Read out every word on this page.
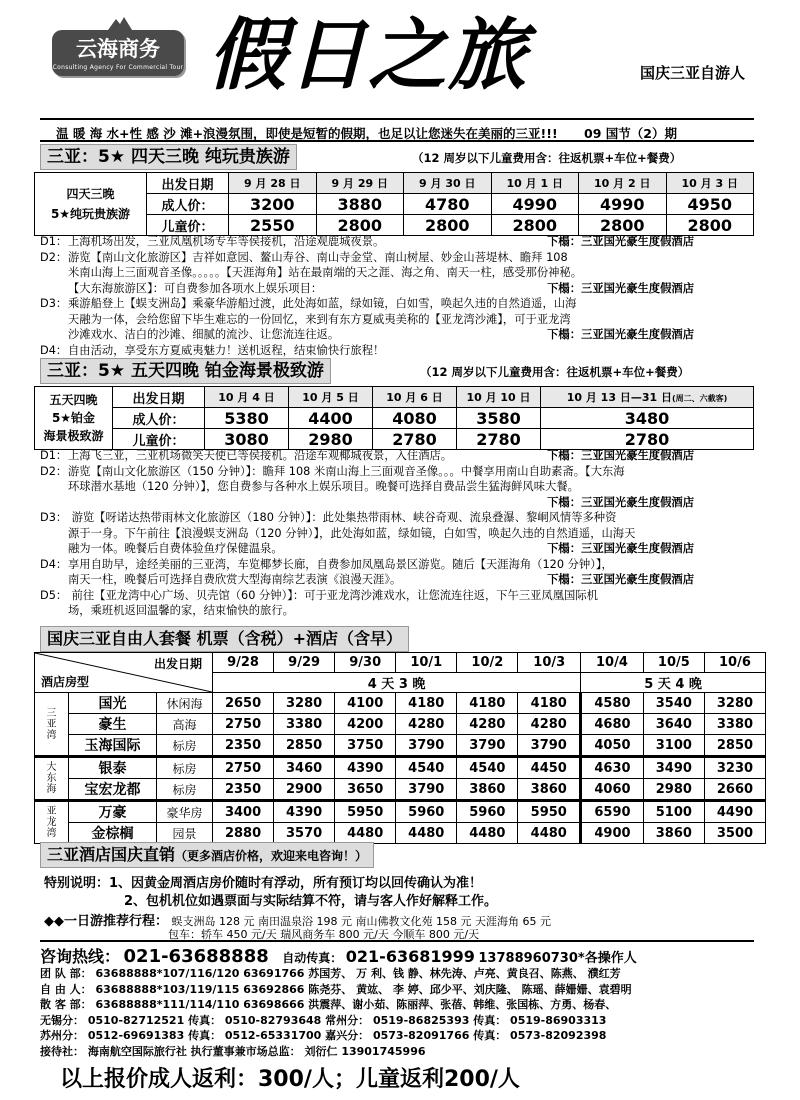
云海商务
Consulting Agency For Commercial Tour 假日之旅	国庆三亚自游人
温 暖 海 水+性 感 沙 滩+浪漫氛围，即使是短暂的假期，也足以让您迷失在美丽的三亚!!! 09 国节（2）期
三亚：5★ 四天三晚 纯玩贵族游	（12 周岁以下儿童费用含：往返机票+车位+餐费）
四天三晚
5★纯玩贵族游	出发日期	9 月 28 日	9 月 29 日	9 月 30 日	10 月 1 日	10 月 2 日	10 月 3 日
	成人价：	3200	3880	4780	4990	4990	4950
	儿童价：	2550	2800	2800	2800	2800	2800

D1：上海机场出发，三亚凤凰机场专车等侯接机，沿途观鹿城夜景。	下榻：三亚国光豪生度假酒店

D2：游览【南山文化旅游区】吉祥如意园、鳌山寿谷、南山寺金堂、南山树屋、妙金山菩堤林、瞻拜 108

米南山海上三面观音圣像。。。。。【天涯海角】站在最南端的天之涯、海之角、南天一柱，感受那份神秘。

【大东海旅游区】：可自费参加各项水上娱乐项目：	下榻：三亚国光豪生度假酒店

D3：乘游船登上【蜈支洲岛】乘豪华游船过渡，此处海如蓝，绿如镜，白如雪，唤起久违的自然逍遥，山海

天融为一体，会给您留下毕生难忘的一份回忆，来到有东方夏威夷美称的【亚龙湾沙滩】，可于亚龙湾

沙滩戏水、洁白的沙滩、细腻的流沙、让您流连往返。	下榻：三亚国光豪生度假酒店

D4：自由活动，享受东方夏威夷魅力！送机返程，结束愉快行旅程！

三亚：5★ 五天四晚 铂金海景极致游	（12 周岁以下儿童费用含：往返机票+车位+餐费）
五天四晚
5★铂金
海景极致游	出发日期	10 月 4 日	10 月 5 日	10 月 6 日	10 月 10 日	10 月 13 日—31 日(周二、六截客)
	成人价：	5380	4400	4080	3580	3480
	儿童价：	3080	2980	2780	2780	2780

D1：上海飞三亚，三亚机场微笑天使已等侯接机。沿途车观椰城夜景，入住酒店。	下榻：三亚国光豪生度假酒店

D2：游览【南山文化旅游区（150 分钟）】：瞻拜 108 米南山海上三面观音圣像。。。中餐享用南山自助素斋。【大东海

环球潜水基地（120 分钟）】，您自费参与各种水上娱乐项目。晚餐可选择自费品尝生猛海鲜风味大餐。

下榻：三亚国光豪生度假酒店

D3： 游览【呀诺达热带雨林文化旅游区（180 分钟）】：此处集热带雨林、峡谷奇观、流泉叠瀑、黎峒风情等多种资

源于一身。下午前往【浪漫蜈支洲岛（120 分钟）】，此处海如蓝，绿如镜，白如雪，唤起久违的自然逍遥，山海天

融为一体。晚餐后自费体验鱼疗保健温泉。	下榻：三亚国光豪生度假酒店

D4：享用自助早，途经美丽的三亚湾，车览椰梦长廊，自费参加凤凰岛景区游览。随后【天涯海角（120 分钟）】，

南天一柱，晚餐后可选择自费欣赏大型海南综艺表演《浪漫天涯》。	下榻：三亚国光豪生度假酒店

D5： 前往【亚龙湾中心广场、贝壳馆（60 分钟）】：可于亚龙湾沙滩戏水，让您流连往返，下午三亚凤凰国际机

场，乘班机返回温馨的家，结束愉快的旅行。

国庆三亚自由人套餐 机票（含税）+酒店（含早）
出发日期
酒店房型			9/28	9/29	9/30	10/1	10/2	10/3	10/4	10/5	10/6
			4 天 3 晚						5 天 4 晚		
三
亚
湾	国光	休闲海	2650	3280	4100	4180	4180	4180	4580	3540	3280
	豪生	高海	2750	3380	4200	4280	4280	4280	4680	3640	3380
	玉海国际	标房	2350	2850	3750	3790	3790	3790	4050	3100	2850
大
东
海	银泰	标房	2750	3460	4390	4540	4540	4450	4630	3490	3230
	宝宏龙都	标房	2350	2900	3650	3790	3860	3860	4060	2980	2660
亚
龙
湾	万豪	豪华房	3400	4390	5950	5960	5960	5950	6590	5100	4490
	金棕榈	园景	2880	3570	4480	4480	4480	4480	4900	3860	3500
三亚酒店国庆直销（更多酒店价格，欢迎来电咨询！）
特别说明：1、因黄金周酒店房价随时有浮动，所有预订均以回传确认为准！
2、包机机位如遇票面与实际结算不符，请与客人作好解释工作。
◆◆一日游推荐行程： 蜈支洲岛 128 元 南田温泉浴 198 元 南山佛教文化苑 158 元 天涯海角 65 元
包车：轿车 450 元/天 瑞风商务车 800 元/天 今顺车 800 元/天
咨询热线： 021-63688888 自动传真： 021-63681999 13788960730*各操作人

团 队 部： 63688888*107/116/120 63691766 苏国芳、 万 利、钱 静、林先涛、卢亮、黄良召、陈燕、 濮红芳

自 由 人： 63688888*103/119/115 63692866 陈尧芬、 黄竑、 李 婷、邱少平、刘庆隆、 陈瑶、薛姗姗、袁碧明

散 客 部： 63688888*111/114/110 63698666 洪震萍、谢小茹、陈丽萍、张蓓、韩维、张国栋、方勇、杨春、

无锡分： 0510-82712521 传真： 0510-82793648 常州分： 0519-86825393 传真： 0519-86903313

苏州分： 0512-69691383 传真： 0512-65331700 嘉兴分： 0573-82091766 传真： 0573-82092398

接待社： 海南航空国际旅行社 执行董事兼市场总监： 刘衍仁 13901745996

以上报价成人返利：300/人；儿童返利200/人
